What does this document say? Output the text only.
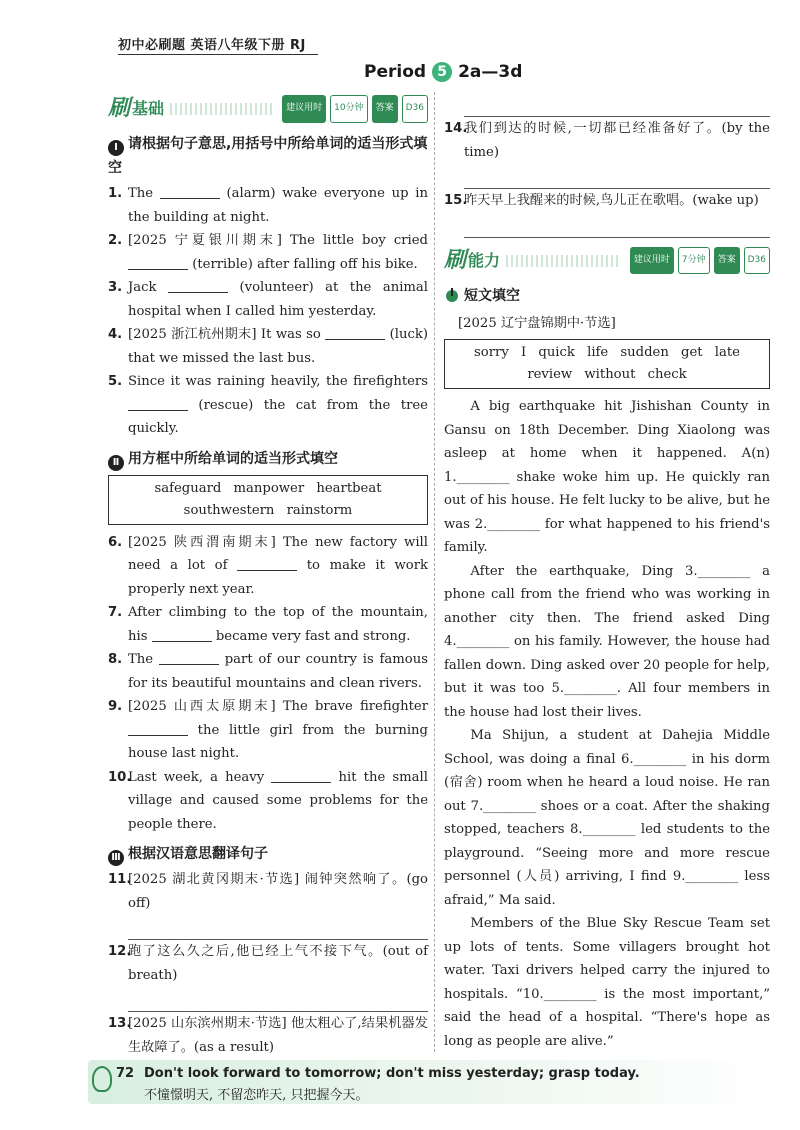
初中必刷题 英语八年级下册 RJ
Period 5 2a—3d
刷 基础	建议用时	10分钟	答案	D36
Ⅰ 请根据句子意思,用括号中所给单词的适当形式填空
1. The	(alarm) wake everyone up in the building at night.
2. [2025 宁夏银川期末] The little boy cried  (terrible) after falling off his bike.
3. Jack	(volunteer) at the animal hospital when I called him yesterday.
4. [2025 浙江杭州期末] It was so	(luck) that we missed the last bus.
5. Since it was raining heavily, the firefighters  (rescue) the cat from the tree quickly.
Ⅱ 用方框中所给单词的适当形式填空
safeguard manpower heartbeat southwestern rainstorm
6. [2025 陕西渭南期末] The new factory will need a lot of	to make it work properly next year.
7. After climbing to the top of the mountain, his	became very fast and strong.
8. The	part of our country is famous for its beautiful mountains and clean rivers.
9. [2025 山西太原期末] The brave firefighter  the little girl from the burning house last night.
10.
Last week, a heavy	hit the small village and caused some problems for the people there.
Ⅲ 根据汉语意思翻译句子
11.
[2025 湖北黄冈期末·节选] 闹钟突然响了。(go off)
12.
跑了这么久之后,他已经上气不接下气。(out of breath)
13.
[2025 山东滨州期末·节选] 他太粗心了,结果机器发生故障了。(as a result)
14.
我们到达的时候,一切都已经准备好了。(by the time)
15.
昨天早上我醒来的时候,鸟儿正在歌唱。(wake up)
刷 能力	建议用时	7分钟	答案	D36
短文填空
[2025 辽宁盘锦期中·节选]
sorry I quick life sudden get late review without check

A big earthquake hit Jishishan County in Gansu on 18th December. Ding Xiaolong was asleep at home when it happened. A(n) 1.________ shake woke him up. He quickly ran out of his house. He felt lucky to be alive, but he was 2.________ for what happened to his friend's family.

After the earthquake, Ding 3.________ a phone call from the friend who was working in another city then. The friend asked Ding 4.________ on his family. However, the house had fallen down. Ding asked over 20 people for help, but it was too 5.________. All four members in the house had lost their lives.

Ma Shijun, a student at Dahejia Middle School, was doing a final 6.________ in his dorm (宿舍) room when he heard a loud noise. He ran out 7.________ shoes or a coat. After the shaking stopped, teachers 8.________ led students to the playground. “Seeing more and more rescue personnel (人员) arriving, I find 9.________ less afraid,” Ma said.

Members of the Blue Sky Rescue Team set up lots of tents. Some villagers brought hot water. Taxi drivers helped carry the injured to hospitals. “10.________ is the most important,” said the head of a hospital. “There's hope as long as people are alive.”

72 Don't look forward to tomorrow; don't miss yesterday; grasp today.
不憧憬明天, 不留恋昨天, 只把握今天。
